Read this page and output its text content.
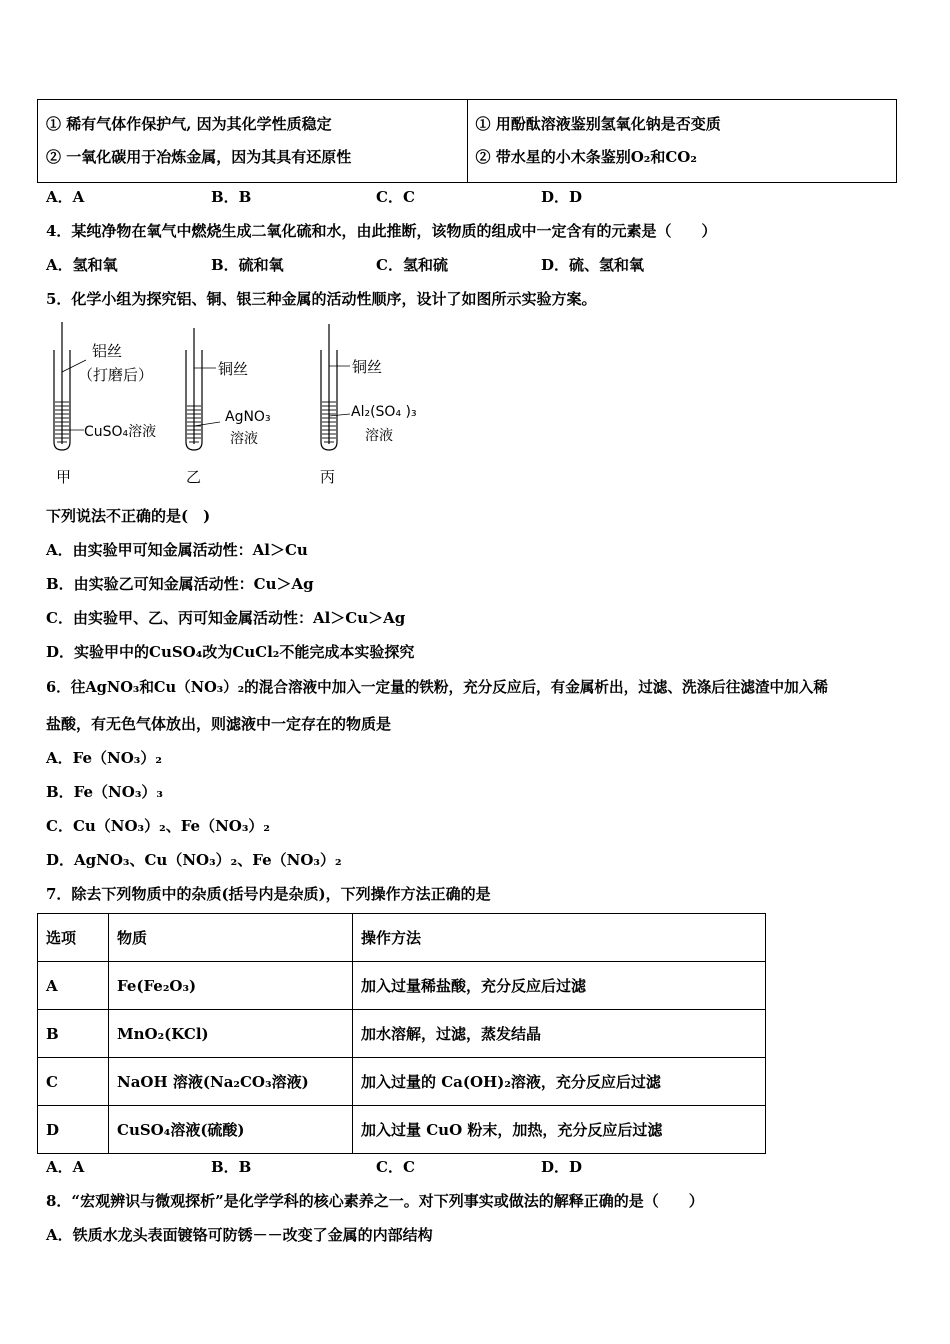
① 稀有气体作保护气, 因为其化学性质稳定
② 一氧化碳用于冶炼金属，因为其具有还原性

① 用酚酞溶液鉴别氢氧化钠是否变质
② 带水星的小木条鉴别O₂和CO₂
A．A	B．B	C．C	D．D
4．某纯净物在氧气中燃烧生成二氧化硫和水，由此推断，该物质的组成中一定含有的元素是（　　）
A．氢和氧	B．硫和氧	C．氢和硫	D．硫、氢和氧
5．化学小组为探究铝、铜、银三种金属的活动性顺序，设计了如图所示实验方案。
铝丝
（打磨后）
CuSO₄溶液
甲
铜丝
AgNO₃
溶液
乙
铜丝
Al₂(SO₄ )₃
溶液
丙
下列说法不正确的是(　)
A．由实验甲可知金属活动性：Al＞Cu
B．由实验乙可知金属活动性：Cu＞Ag
C．由实验甲、乙、丙可知金属活动性：Al＞Cu＞Ag
D．实验甲中的CuSO₄改为CuCl₂不能完成本实验探究
6．往AgNO₃和Cu（NO₃）₂的混合溶液中加入一定量的铁粉，充分反应后，有金属析出，过滤、洗涤后往滤渣中加入稀
盐酸，有无色气体放出，则滤液中一定存在的物质是
A．Fe（NO₃）₂
B．Fe（NO₃）₃
C．Cu（NO₃）₂、Fe（NO₃）₂
D．AgNO₃、Cu（NO₃）₂、Fe（NO₃）₂
7．除去下列物质中的杂质(括号内是杂质)，下列操作方法正确的是
选项	物质	操作方法
A	Fe(Fe₂O₃)	加入过量稀盐酸，充分反应后过滤
B	MnO₂(KCl)	加水溶解，过滤，蒸发结晶
C	NaOH 溶液(Na₂CO₃溶液)	加入过量的 Ca(OH)₂溶液，充分反应后过滤
D	CuSO₄溶液(硫酸)	加入过量 CuO 粉末，加热，充分反应后过滤
A．A	B．B	C．C	D．D
8．“宏观辨识与微观探析”是化学学科的核心素养之一。对下列事实或做法的解释正确的是（　　）
A．铁质水龙头表面镀铬可防锈－－改变了金属的内部结构
